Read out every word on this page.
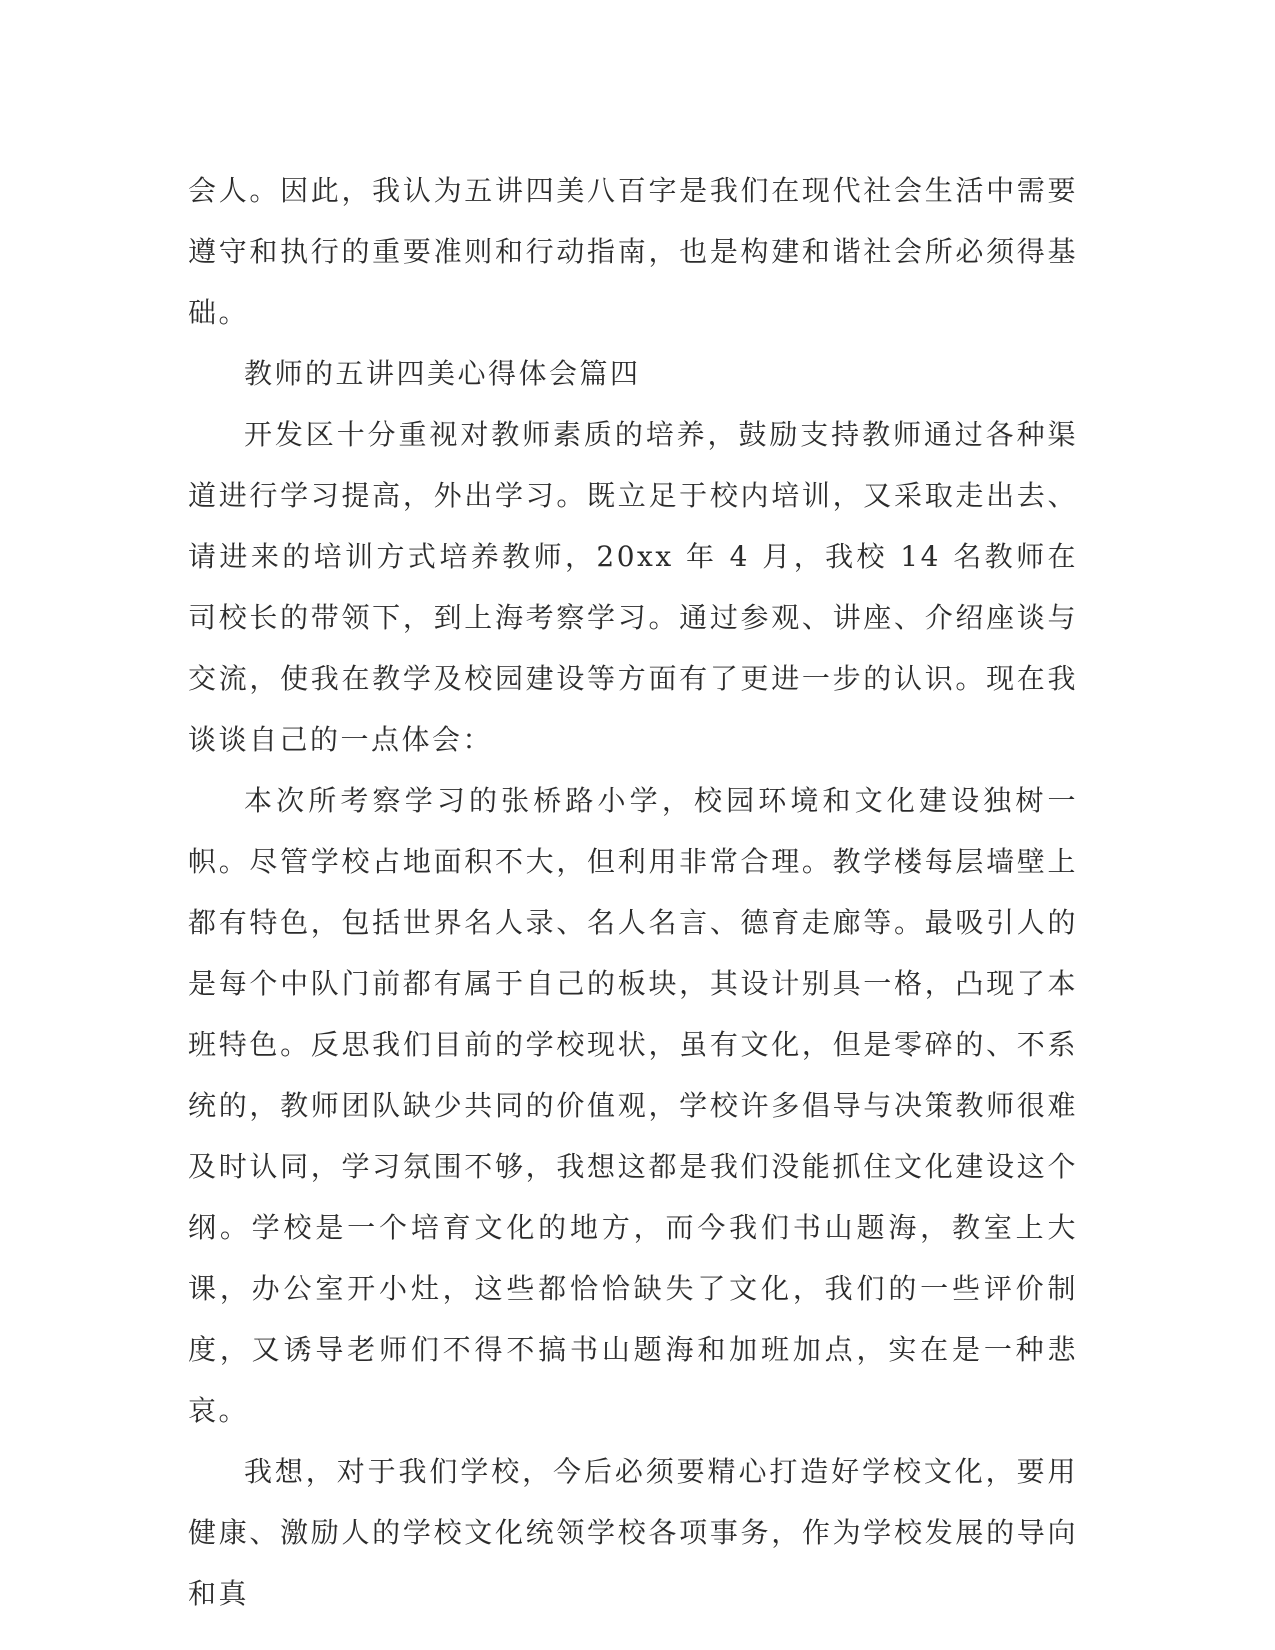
会人。因此，我认为五讲四美八百字是我们在现代社会生活中需要遵守和执行的重要准则和行动指南，也是构建和谐社会所必须得基础。

教师的五讲四美心得体会篇四

开发区十分重视对教师素质的培养，鼓励支持教师通过各种渠道进行学习提高，外出学习。既立足于校内培训，又采取走出去、请进来的培训方式培养教师，20xx 年 4 月，我校 14 名教师在司校长的带领下，到上海考察学习。通过参观、讲座、介绍座谈与交流，使我在教学及校园建设等方面有了更进一步的认识。现在我谈谈自己的一点体会：

本次所考察学习的张桥路小学，校园环境和文化建设独树一帜。尽管学校占地面积不大，但利用非常合理。教学楼每层墙壁上都有特色，包括世界名人录、名人名言、德育走廊等。最吸引人的是每个中队门前都有属于自己的板块，其设计别具一格，凸现了本班特色。反思我们目前的学校现状，虽有文化，但是零碎的、不系统的，教师团队缺少共同的价值观，学校许多倡导与决策教师很难及时认同，学习氛围不够，我想这都是我们没能抓住文化建设这个纲。学校是一个培育文化的地方，而今我们书山题海，教室上大课，办公室开小灶，这些都恰恰缺失了文化，我们的一些评价制度，又诱导老师们不得不搞书山题海和加班加点，实在是一种悲哀。

我想，对于我们学校，今后必须要精心打造好学校文化，要用健康、激励人的学校文化统领学校各项事务，作为学校发展的导向和真
